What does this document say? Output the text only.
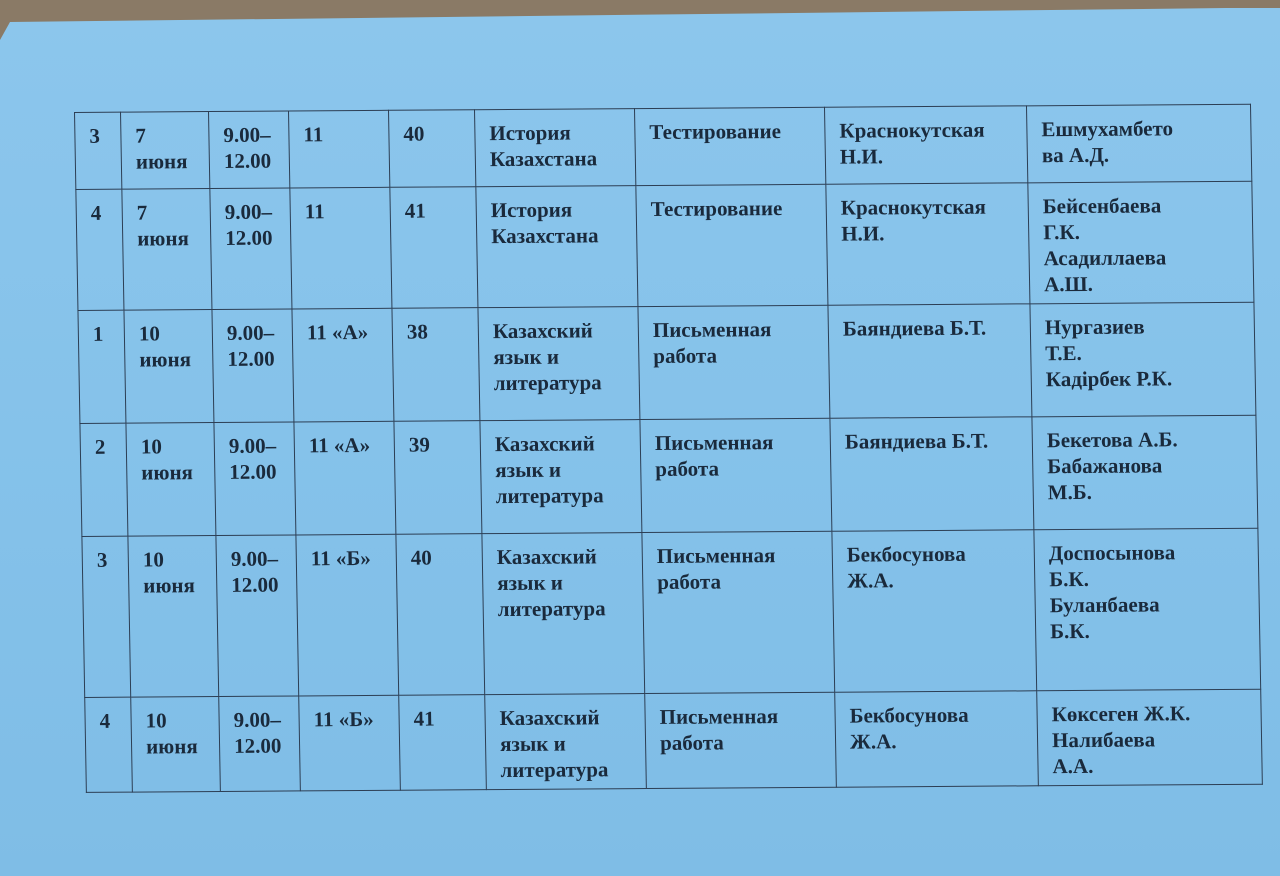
3	7
июня	9.00–
12.00	11	40	История
Казахстана	Тестирование	Краснокутская
Н.И.	Ешмухамбето
ва А.Д.

4	7
июня	9.00–
12.00	11	41	История
Казахстана	Тестирование	Краснокутская
Н.И.	Бейсенбаева
Г.К.
Асадиллаева
А.Ш.

1	10
июня	9.00–
12.00	11 «А»	38	Казахский
язык и
литература	Письменная
работа	Баяндиева Б.Т.	Нургазиев
Т.Е.
Кадірбек Р.К.

2	10
июня	9.00–
12.00	11 «А»	39	Казахский
язык и
литература	Письменная
работа	Баяндиева Б.Т.	Бекетова А.Б.
Бабажанова
М.Б.

3	10
июня	9.00–
12.00	11 «Б»	40	Казахский
язык и
литература	Письменная
работа	Бекбосунова
Ж.А.	Доспосынова
Б.К.
Буланбаева
Б.К.

4	10
июня	9.00–
12.00	11 «Б»	41	Казахский
язык и
литература	Письменная
работа	Бекбосунова
Ж.А.	Көксеген Ж.К.
Налибаева
А.А.
